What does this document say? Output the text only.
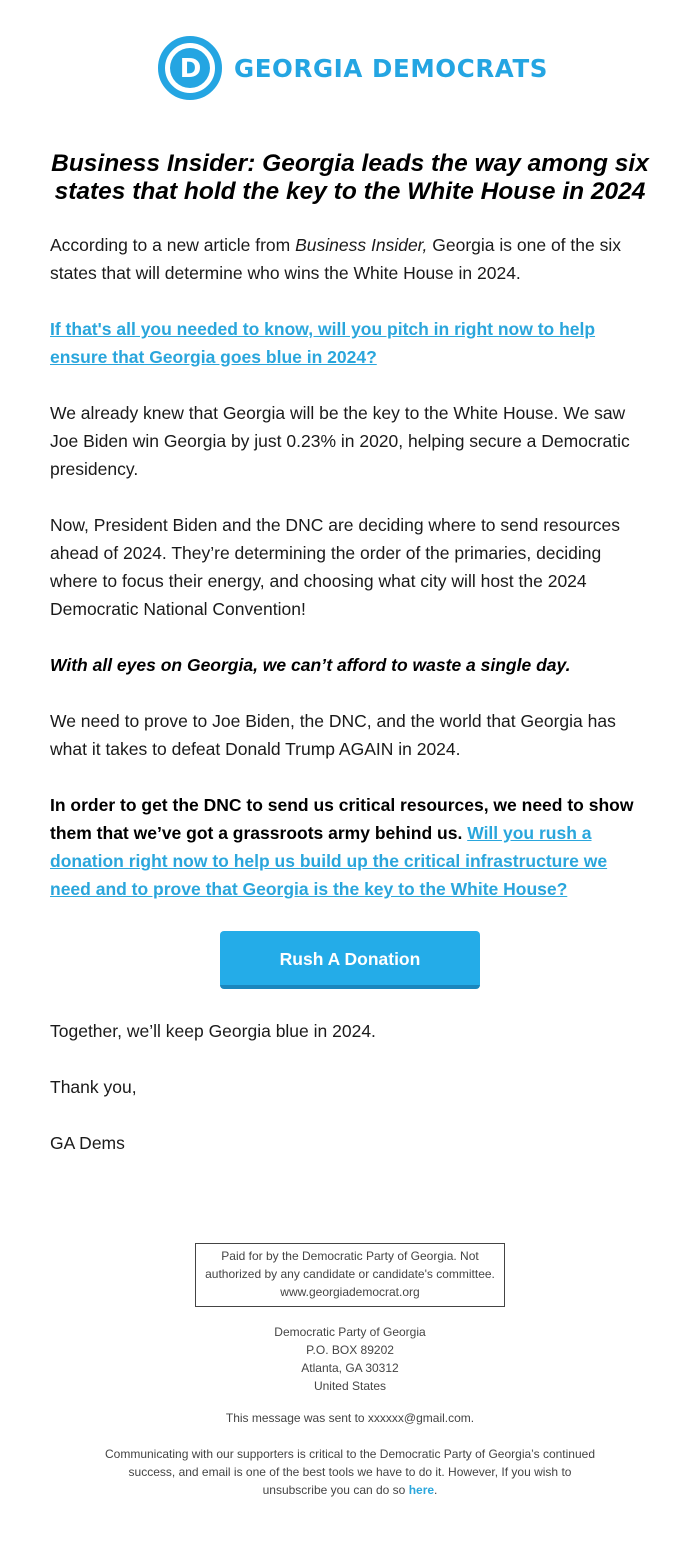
D GEORGIA DEMOCRATS
Business Insider: Georgia leads the way among six states that hold the key to the White House in 2024

According to a new article from Business Insider, Georgia is one of the six states that will determine who wins the White House in 2024.

If that's all you needed to know, will you pitch in right now to help ensure that Georgia goes blue in 2024?

We already knew that Georgia will be the key to the White House. We saw Joe Biden win Georgia by just 0.23% in 2020, helping secure a Democratic presidency.

Now, President Biden and the DNC are deciding where to send resources ahead of 2024. They’re determining the order of the primaries, deciding where to focus their energy, and choosing what city will host the 2024 Democratic National Convention!

With all eyes on Georgia, we can’t afford to waste a single day.

We need to prove to Joe Biden, the DNC, and the world that Georgia has what it takes to defeat Donald Trump AGAIN in 2024.

In order to get the DNC to send us critical resources, we need to show them that we’ve got a grassroots army behind us. Will you rush a donation right now to help us build up the critical infrastructure we need and to prove that Georgia is the key to the White House?

Rush A Donation

Together, we’ll keep Georgia blue in 2024.

Thank you,

GA Dems

Paid for by the Democratic Party of Georgia. Not
authorized by any candidate or candidate's committee.
www.georgiademocrat.org
Democratic Party of Georgia
P.O. BOX 89202
Atlanta, GA 30312
United States
This message was sent to xxxxxx@gmail.com.
Communicating with our supporters is critical to the Democratic Party of Georgia’s continued success, and email is one of the best tools we have to do it. However, If you wish to unsubscribe you can do so here.
